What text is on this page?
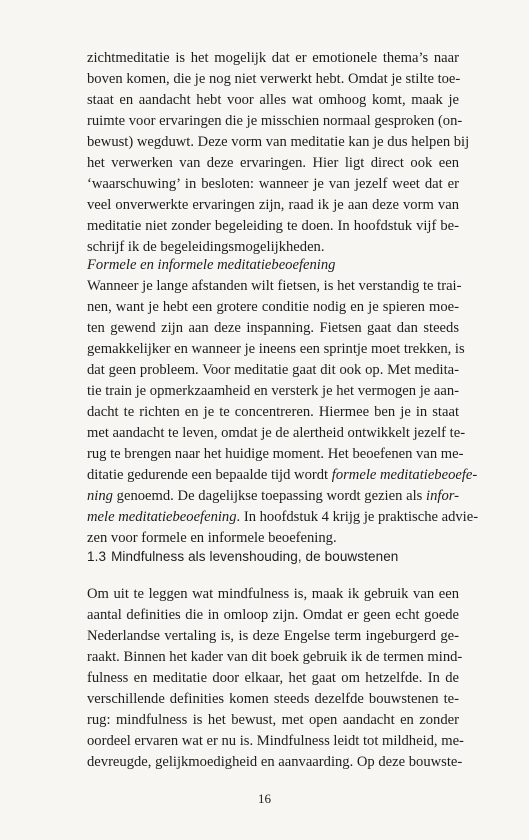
zichtmeditatie is het mogelijk dat er emotionele thema’s naar
boven komen, die je nog niet verwerkt hebt. Omdat je stilte toe-
staat en aandacht hebt voor alles wat omhoog komt, maak je
ruimte voor ervaringen die je misschien normaal gesproken (on-
bewust) wegduwt. Deze vorm van meditatie kan je dus helpen bij
het verwerken van deze ervaringen. Hier ligt direct ook een
‘waarschuwing’ in besloten: wanneer je van jezelf weet dat er
veel onverwerkte ervaringen zijn, raad ik je aan deze vorm van
meditatie niet zonder begeleiding te doen. In hoofdstuk vijf be-
schrijf ik de begeleidingsmogelijkheden.
Formele en informele meditatiebeoefening
Wanneer je lange afstanden wilt fietsen, is het verstandig te trai-
nen, want je hebt een grotere conditie nodig en je spieren moe-
ten gewend zijn aan deze inspanning. Fietsen gaat dan steeds
gemakkelijker en wanneer je ineens een sprintje moet trekken, is
dat geen probleem. Voor meditatie gaat dit ook op. Met medita-
tie train je opmerkzaamheid en versterk je het vermogen je aan-
dacht te richten en je te concentreren. Hiermee ben je in staat
met aandacht te leven, omdat je de alertheid ontwikkelt jezelf te-
rug te brengen naar het huidige moment. Het beoefenen van me-
ditatie gedurende een bepaalde tijd wordt formele meditatiebeoefe-
ning genoemd. De dagelijkse toepassing wordt gezien als infor-
mele meditatiebeoefening. In hoofdstuk 4 krijg je praktische advie-
zen voor formele en informele beoefening.
1.3 Mindfulness als levenshouding, de bouwstenen
Om uit te leggen wat mindfulness is, maak ik gebruik van een
aantal definities die in omloop zijn. Omdat er geen echt goede
Nederlandse vertaling is, is deze Engelse term ingeburgerd ge-
raakt. Binnen het kader van dit boek gebruik ik de termen mind-
fulness en meditatie door elkaar, het gaat om hetzelfde. In de
verschillende definities komen steeds dezelfde bouwstenen te-
rug: mindfulness is het bewust, met open aandacht en zonder
oordeel ervaren wat er nu is. Mindfulness leidt tot mildheid, me-
devreugde, gelijkmoedigheid en aanvaarding. Op deze bouwste-
16
